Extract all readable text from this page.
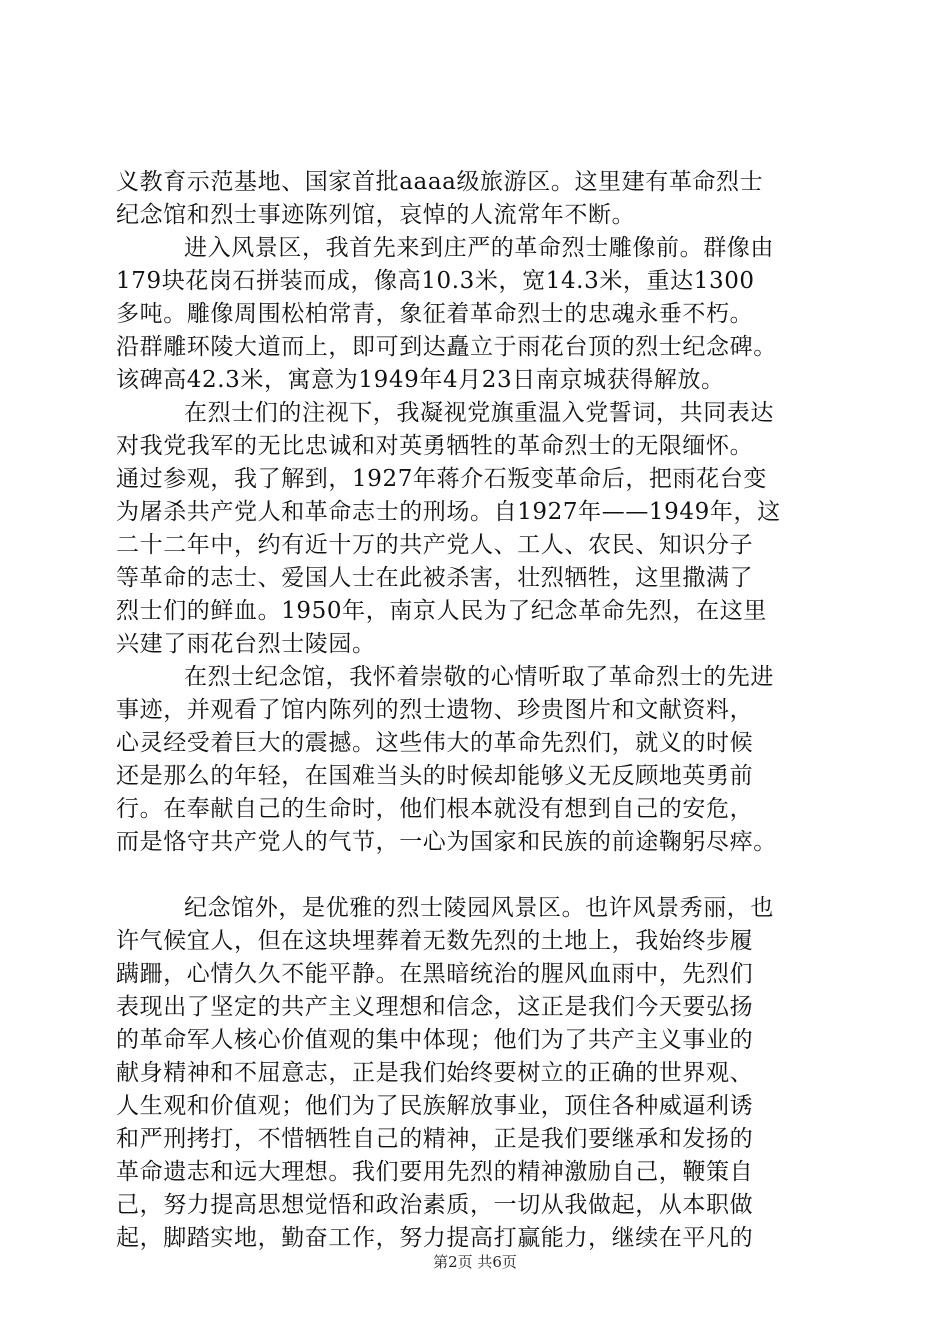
义教育示范基地、国家首批aaaa级旅游区。这里建有革命烈士
纪念馆和烈士事迹陈列馆，哀悼的人流常年不断。
进入风景区，我首先来到庄严的革命烈士雕像前。群像由
179块花岗石拼装而成，像高10.3米，宽14.3米，重达1300
多吨。雕像周围松柏常青，象征着革命烈士的忠魂永垂不朽。
沿群雕环陵大道而上，即可到达矗立于雨花台顶的烈士纪念碑。
该碑高42.3米，寓意为1949年4月23日南京城获得解放。
在烈士们的注视下，我凝视党旗重温入党誓词，共同表达
对我党我军的无比忠诚和对英勇牺牲的革命烈士的无限缅怀。
通过参观，我了解到，1927年蒋介石叛变革命后，把雨花台变
为屠杀共产党人和革命志士的刑场。自1927年——1949年，这
二十二年中，约有近十万的共产党人、工人、农民、知识分子
等革命的志士、爱国人士在此被杀害，壮烈牺牲，这里撒满了
烈士们的鲜血。1950年，南京人民为了纪念革命先烈，在这里
兴建了雨花台烈士陵园。
在烈士纪念馆，我怀着崇敬的心情听取了革命烈士的先进
事迹，并观看了馆内陈列的烈士遗物、珍贵图片和文献资料，
心灵经受着巨大的震撼。这些伟大的革命先烈们，就义的时候
还是那么的年轻，在国难当头的时候却能够义无反顾地英勇前
行。在奉献自己的生命时，他们根本就没有想到自己的安危，
而是恪守共产党人的气节，一心为国家和民族的前途鞠躬尽瘁。
纪念馆外，是优雅的烈士陵园风景区。也许风景秀丽，也
许气候宜人，但在这块埋葬着无数先烈的土地上，我始终步履
蹒跚，心情久久不能平静。在黑暗统治的腥风血雨中，先烈们
表现出了坚定的共产主义理想和信念，这正是我们今天要弘扬
的革命军人核心价值观的集中体现；他们为了共产主义事业的
献身精神和不屈意志，正是我们始终要树立的正确的世界观、
人生观和价值观；他们为了民族解放事业，顶住各种威逼利诱
和严刑拷打，不惜牺牲自己的精神，正是我们要继承和发扬的
革命遗志和远大理想。我们要用先烈的精神激励自己，鞭策自
己，努力提高思想觉悟和政治素质，一切从我做起，从本职做
起，脚踏实地，勤奋工作，努力提高打赢能力，继续在平凡的
第2页 共6页
